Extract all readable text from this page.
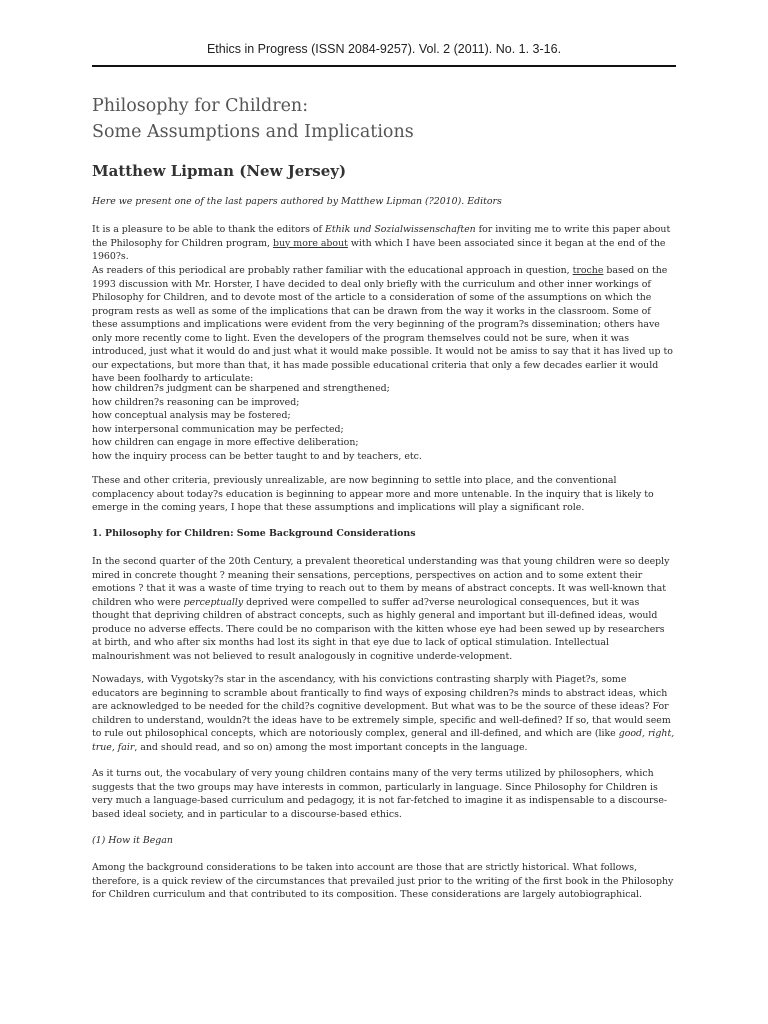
Ethics in Progress (ISSN 2084-9257). Vol. 2 (2011). No. 1. 3-16.
Philosophy for Children:
Some Assumptions and Implications
Matthew Lipman (New Jersey)

Here we present one of the last papers authored by Matthew Lipman (?2010). Editors

It is a pleasure to be able to thank the editors of Ethik und Sozialwissenschaften for inviting me to write this paper about the Philosophy for Children program, buy more about with which I have been associated since it began at the end of the 1960?s.

As readers of this periodical are probably rather familiar with the educational approach in question, troche based on the 1993 discussion with Mr. Horster, I have decided to deal only briefly with the curriculum and other inner workings of Philosophy for Children, and to devote most of the article to a consideration of some of the assumptions on which the program rests as well as some of the implications that can be drawn from the way it works in the classroom. Some of these assumptions and implications were evident from the very beginning of the program?s dissemination; others have only more recently come to light. Even the developers of the program themselves could not be sure, when it was introduced, just what it would do and just what it would make possible. It would not be amiss to say that it has lived up to our expectations, but more than that, it has made possible educational criteria that only a few decades earlier it would have been foolhardy to articulate:

how children?s judgment can be sharpened and strengthened;
how children?s reasoning can be improved;
how conceptual analysis may be fostered;
how interpersonal communication may be perfected;
how children can engage in more effective deliberation;
how the inquiry process can be better taught to and by teachers, etc.

These and other criteria, previously unrealizable, are now beginning to settle into place, and the conventional complacency about today?s education is beginning to appear more and more untenable. In the inquiry that is likely to emerge in the coming years, I hope that these assumptions and implications will play a significant role.

1. Philosophy for Children: Some Background Considerations

In the second quarter of the 20th Century, a prevalent theoretical understanding was that young children were so deeply mired in concrete thought ? meaning their sensations, perceptions, perspectives on action and to some extent their emotions ? that it was a waste of time trying to reach out to them by means of abstract concepts. It was well-known that children who were perceptually deprived were compelled to suffer ad?verse neurological consequences, but it was thought that depriving children of abstract concepts, such as highly general and important but ill-defined ideas, would produce no adverse effects. There could be no comparison with the kitten whose eye had been sewed up by researchers at birth, and who after six months had lost its sight in that eye due to lack of optical stimulation. Intellectual malnourishment was not believed to result analogously in cognitive underde-velopment.

Nowadays, with Vygotsky?s star in the ascendancy, with his convictions contrasting sharply with Piaget?s, some educators are beginning to scramble about frantically to find ways of exposing children?s minds to abstract ideas, which are acknowledged to be needed for the child?s cognitive development. But what was to be the source of these ideas? For children to understand, wouldn?t the ideas have to be extremely simple, specific and well-defined? If so, that would seem to rule out philosophical concepts, which are notoriously complex, general and ill-defined, and which are (like good, right, true, fair, and should read, and so on) among the most important concepts in the language.

As it turns out, the vocabulary of very young children contains many of the very terms utilized by philosophers, which suggests that the two groups may have interests in common, particularly in language. Since Philosophy for Children is very much a language-based curriculum and pedagogy, it is not far-fetched to imagine it as indispensable to a discourse-based ideal society, and in particular to a discourse-based ethics.

(1) How it Began

Among the background considerations to be taken into account are those that are strictly historical. What follows, therefore, is a quick review of the circumstances that prevailed just prior to the writing of the first book in the Philosophy for Children curriculum and that contributed to its composition. These considerations are largely autobiographical.
